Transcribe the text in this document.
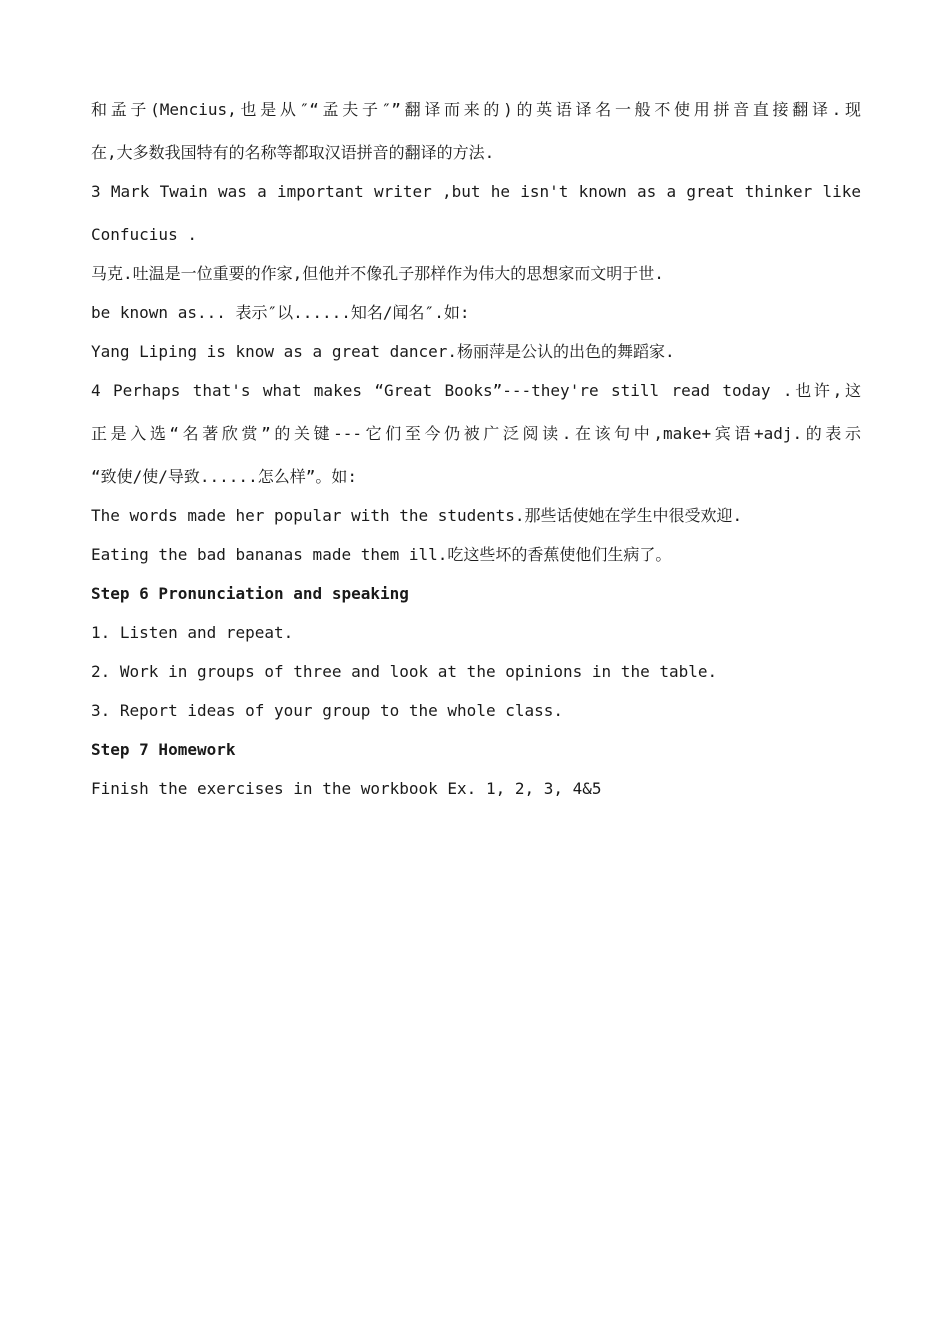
和孟子(Mencius,也是从″“孟夫子″”翻译而来的)的英语译名一般不使用拼音直接翻译.现

在,大多数我国特有的名称等都取汉语拼音的翻译的方法.

3 Mark Twain was a important writer ,but he isn't known as a great thinker like

Confucius .

马克.吐温是一位重要的作家,但他并不像孔子那样作为伟大的思想家而文明于世.

be known as... 表示″以......知名/闻名″.如:

Yang Liping is know as a great dancer.杨丽萍是公认的出色的舞蹈家.

4 Perhaps that's what makes “Great Books”---they're still read today .也许,这

正是入选“名著欣赏”的关键---它们至今仍被广泛阅读.在该句中,make+宾语+adj.的表示

“致使/使/导致......怎么样”。如:

The words made her popular with the students.那些话使她在学生中很受欢迎.

Eating the bad bananas made them ill.吃这些坏的香蕉使他们生病了。

Step 6 Pronunciation and speaking

1. Listen and repeat.

2. Work in groups of three and look at the opinions in the table.

3. Report ideas of your group to the whole class.

Step 7 Homework

Finish the exercises in the workbook Ex. 1, 2, 3, 4&5
